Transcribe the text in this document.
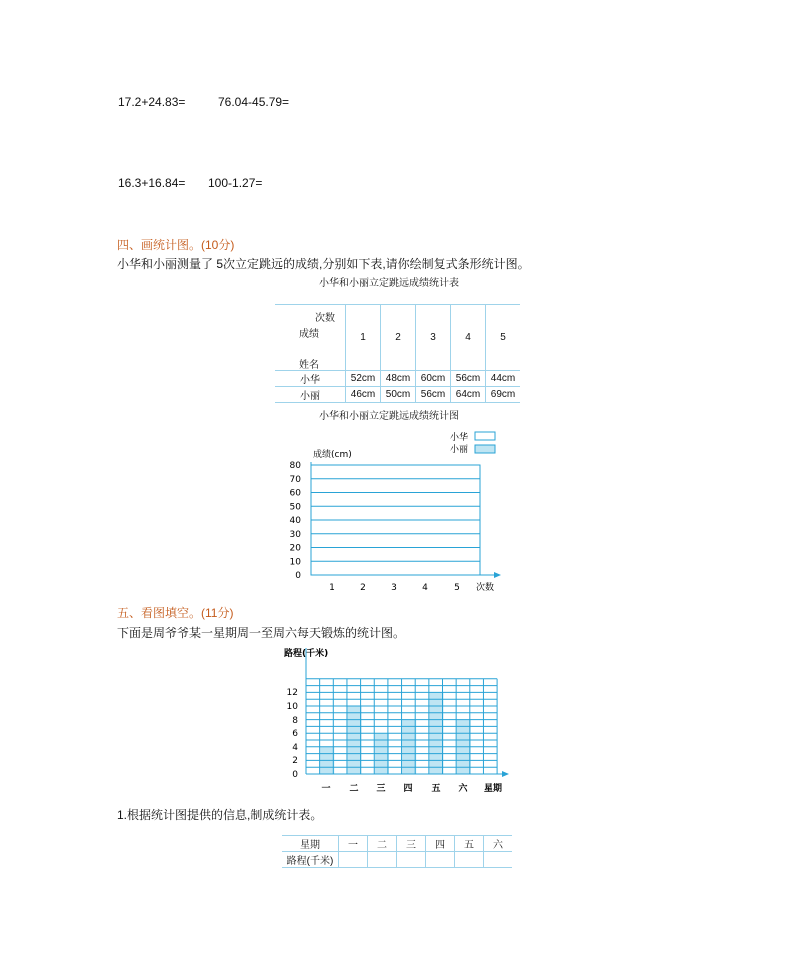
17.2+24.83=	76.04-45.79=
16.3+16.84= 100-1.27=
四、画统计图。(10分)
小华和小丽测量了 5次立定跳远的成绩,分别如下表,请你绘制复式条形统计图。
小华和小丽立定跳远成绩统计表
次数
成绩
姓名	1	2	3	4	5
小华	52cm	48cm	60cm	56cm	44cm
小丽	46cm	50cm	56cm	64cm	69cm
小华和小丽立定跳远成绩统计图
小华
小丽
成绩(cm)
80
70
60
50
40
30
20
10
0
1	2	3	4	5 次数
五、看图填空。(11分)
下面是周爷爷某一星期周一至周六每天锻炼的统计图。
路程(千米)
12
10
8
6
4
2
0
一 二 三 四 五 六 星期
1.根据统计图提供的信息,制成统计表。
星期	一	二	三	四	五	六
路程(千米)						
